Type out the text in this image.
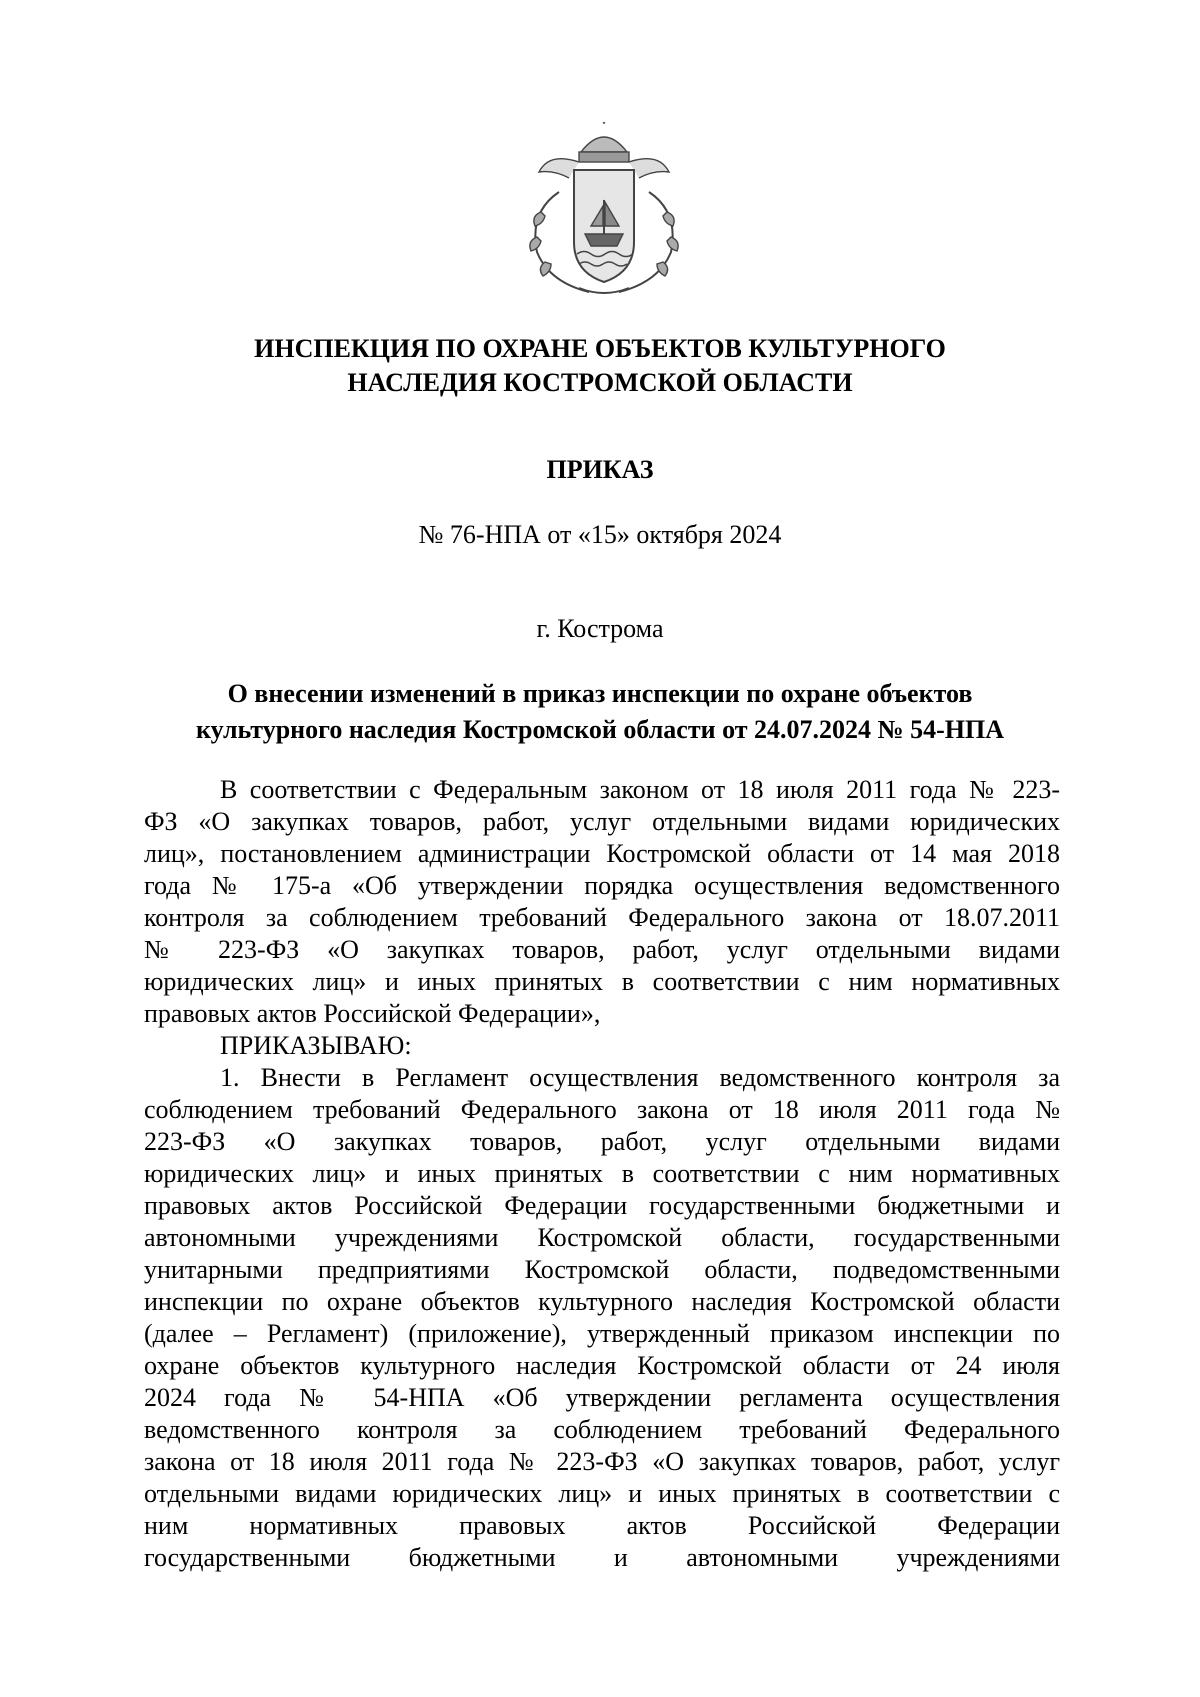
ИНСПЕКЦИЯ ПО ОХРАНЕ ОБЪЕКТОВ КУЛЬТУРНОГО
НАСЛЕДИЯ КОСТРОМСКОЙ ОБЛАСТИ
ПРИКАЗ
№ 76-НПА от «15» октября 2024
г. Кострома
О внесении изменений в приказ инспекции по охране объектов
культурного наследия Костромской области от 24.07.2024 № 54-НПА
В соответствии с Федеральным законом от 18 июля 2011 года № 223-
ФЗ «О закупках товаров, работ, услуг отдельными видами юридических
лиц», постановлением администрации Костромской области от 14 мая 2018
года № 175-а «Об утверждении порядка осуществления ведомственного
контроля за соблюдением требований Федерального закона от 18.07.2011
№ 223-ФЗ «О закупках товаров, работ, услуг отдельными видами
юридических лиц» и иных принятых в соответствии с ним нормативных
правовых актов Российской Федерации»,
ПРИКАЗЫВАЮ:
1. Внести в Регламент осуществления ведомственного контроля за
соблюдением требований Федерального закона от 18 июля 2011 года №
223-ФЗ «О закупках товаров, работ, услуг отдельными видами
юридических лиц» и иных принятых в соответствии с ним нормативных
правовых актов Российской Федерации государственными бюджетными и
автономными учреждениями Костромской области, государственными
унитарными предприятиями Костромской области, подведомственными
инспекции по охране объектов культурного наследия Костромской области
(далее – Регламент) (приложение), утвержденный приказом инспекции по
охране объектов культурного наследия Костромской области от 24 июля
2024 года № 54-НПА «Об утверждении регламента осуществления
ведомственного контроля за соблюдением требований Федерального
закона от 18 июля 2011 года № 223-ФЗ «О закупках товаров, работ, услуг
отдельными видами юридических лиц» и иных принятых в соответствии с
ним нормативных правовых актов Российской Федерации
государственными бюджетными и автономными учреждениями
